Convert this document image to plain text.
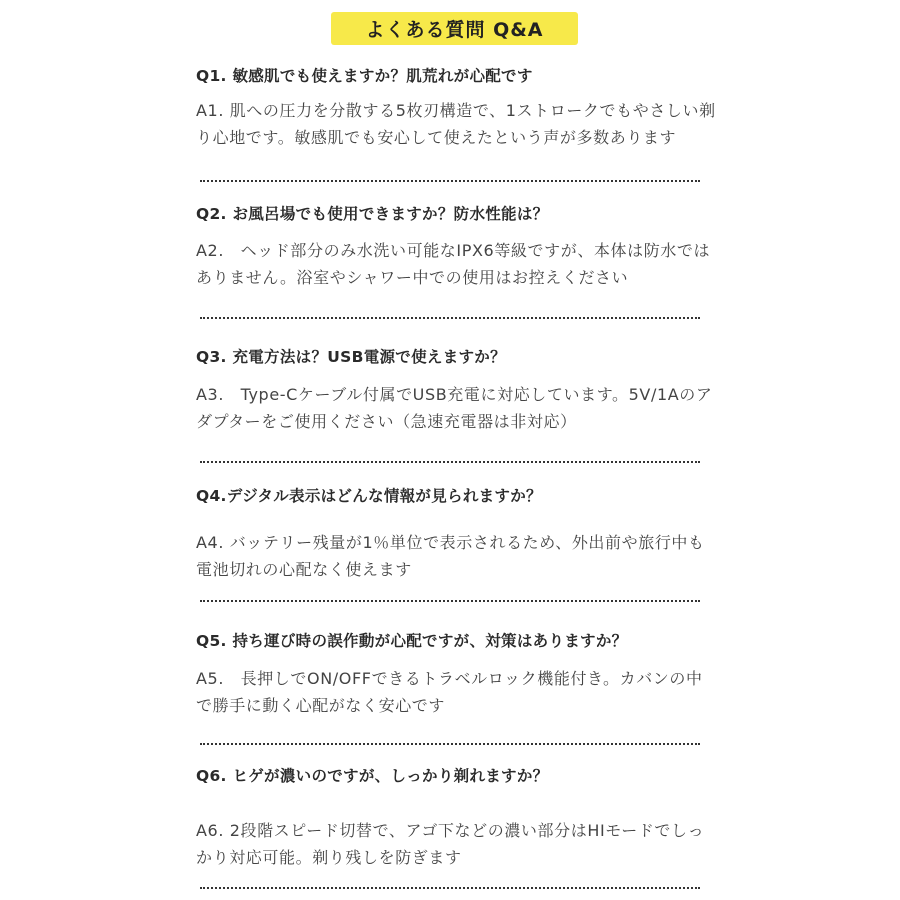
よくある質問 Q&A
Q1. 敏感肌でも使えますか？肌荒れが心配です
A1. 肌への圧力を分散する5枚刃構造で、1ストロークでもやさしい剃り心地です。敏感肌でも安心して使えたという声が多数あります
Q2. お風呂場でも使用できますか？防水性能は？
A2.　ヘッド部分のみ水洗い可能なIPX6等級ですが、本体は防水ではありません。浴室やシャワー中での使用はお控えください
Q3. 充電方法は？USB電源で使えますか？
A3.　Type-Cケーブル付属でUSB充電に対応しています。5V/1Aのアダプターをご使用ください（急速充電器は非対応）
Q4.デジタル表示はどんな情報が見られますか？
A4. バッテリー残量が1％単位で表示されるため、外出前や旅行中も電池切れの心配なく使えます
Q5. 持ち運び時の誤作動が心配ですが、対策はありますか？
A5.　長押しでON/OFFできるトラベルロック機能付き。カバンの中で勝手に動く心配がなく安心です
Q6. ヒゲが濃いのですが、しっかり剃れますか？
A6. 2段階スピード切替で、アゴ下などの濃い部分はHIモードでしっかり対応可能。剃り残しを防ぎます
